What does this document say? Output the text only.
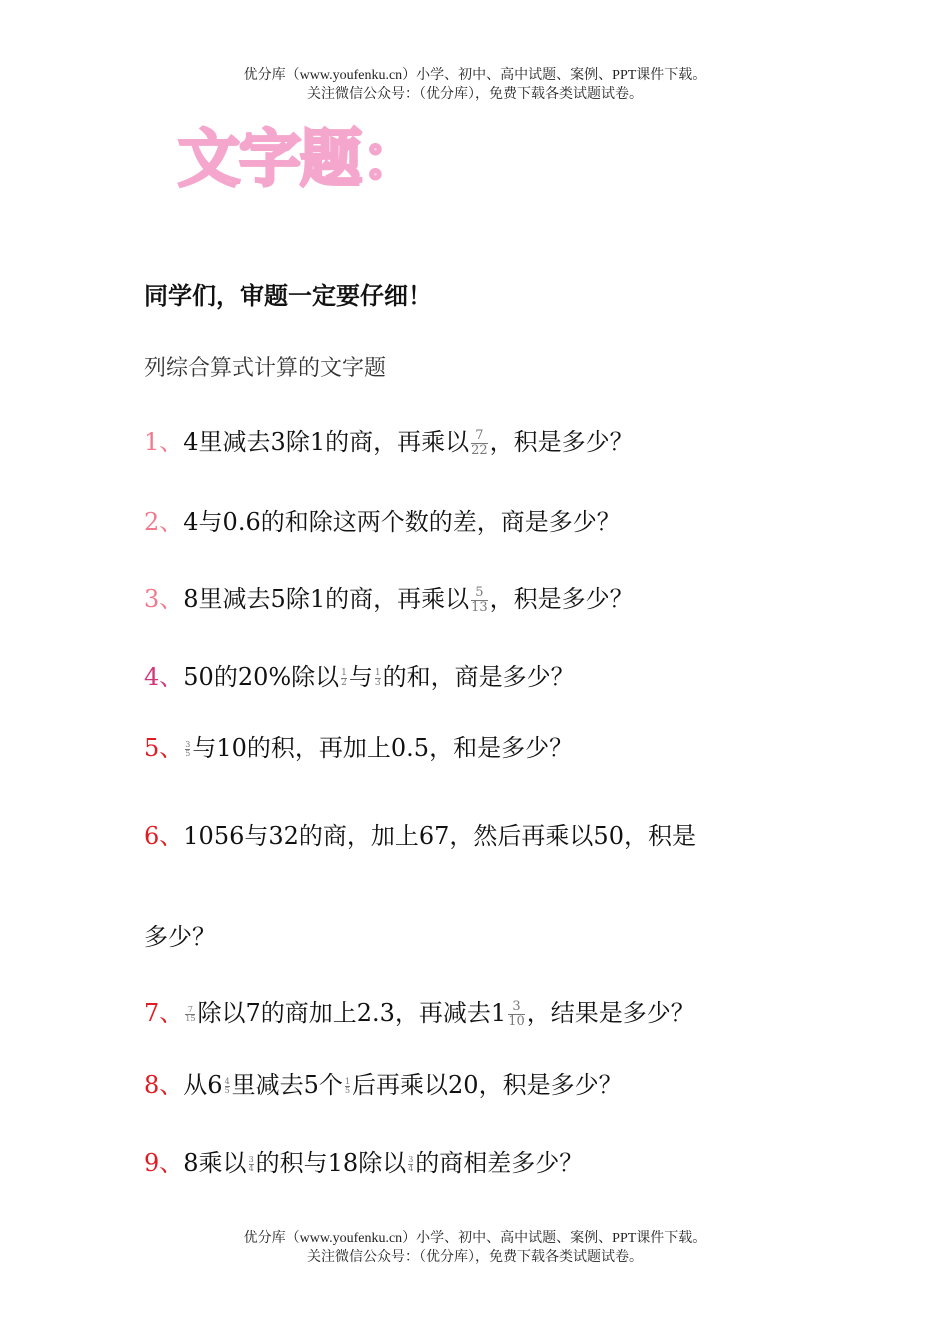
优分库（www.youfenku.cn）小学、初中、高中试题、案例、PPT课件下载。
关注微信公众号：（优分库），免费下载各类试题试卷。
文字题：
同学们，审题一定要仔细！
列综合算式计算的文字题
1、4里减去3除1的商，再乘以 $\frac{7}{22}$ ，积是多少？
2、4与0.6的和除这两个数的差，商是多少？
3、8里减去5除1的商，再乘以 $\frac{5}{13}$ ，积是多少？
4、50的20%除以 $\frac{1}{2}$ 与 $\frac{1}{3}$ 的和，商是多少？
5、 $\frac{3}{5}$ 与10的积，再加上0.5，和是多少？
6、1056与32的商，加上67，然后再乘以50，积是
多少？
7、 $\frac{7}{15}$ 除以7的商加上2.3，再减去$1 \frac{3}{10}$ ，结果是多少？
8、从$6 \frac{4}{5}$ 里减去5个 $\frac{1}{5}$ 后再乘以20，积是多少？
9、8乘以 $\frac{3}{4}$ 的积与18除以 $\frac{3}{4}$ 的商相差多少？
优分库（www.youfenku.cn）小学、初中、高中试题、案例、PPT课件下载。
关注微信公众号：（优分库），免费下载各类试题试卷。
